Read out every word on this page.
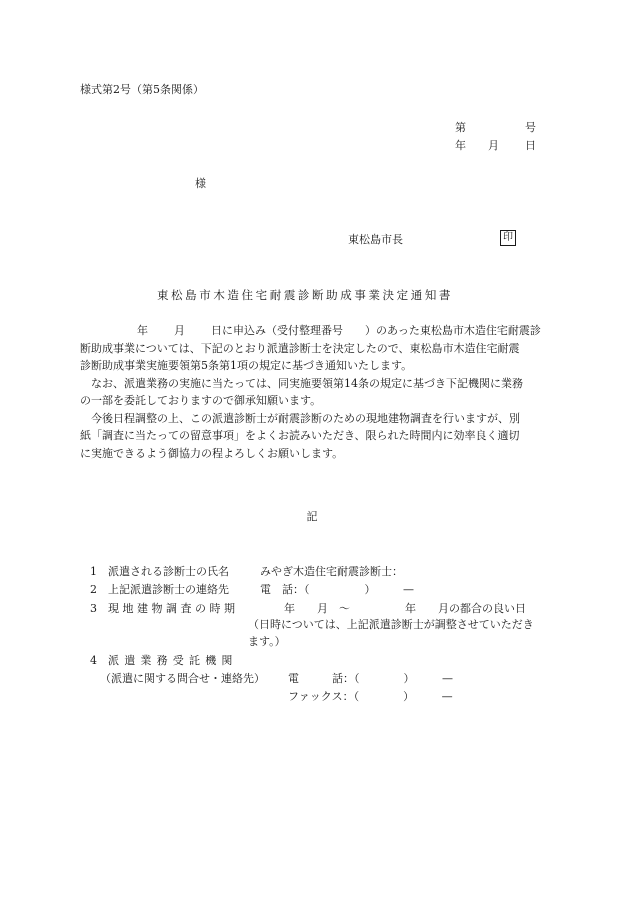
様式第2号（第5条関係）
第	号
年 月 日
様
東松島市長	印
東松島市木造住宅耐震診断助成事業決定通知書
年 月 日に申込み（受付整理番号　　）のあった東松島市木造住宅耐震診
断助成事業については、下記のとおり派遣診断士を決定したので、東松島市木造住宅耐震
診断助成事業実施要領第5条第1項の規定に基づき通知いたします。
なお、派遣業務の実施に当たっては、同実施要領第14条の規定に基づき下記機関に業務
の一部を委託しておりますので御承知願います。
今後日程調整の上、この派遣診断士が耐震診断のための現地建物調査を行いますが、別
紙「調査に当たっての留意事項」をよくお読みいただき、限られた時間内に効率良く適切
に実施できるよう御協力の程よろしくお願いします。
記
1 派遣される診断士の氏名	みやぎ木造住宅耐震診断士：
2 上記派遣診断士の連絡先	電　話：（　　　　　）　　　—
3 現地建物調査の時期	年　　月　～　　　　　年　　月の都合の良い日
（日時については、上記派遣診断士が調整させていただき
ます。）
4 派遣業務受託機関
（派遣に関する問合せ・連絡先） 電　　　話：（　　　　）　　　—
ファックス：（　　　　）　　　—
